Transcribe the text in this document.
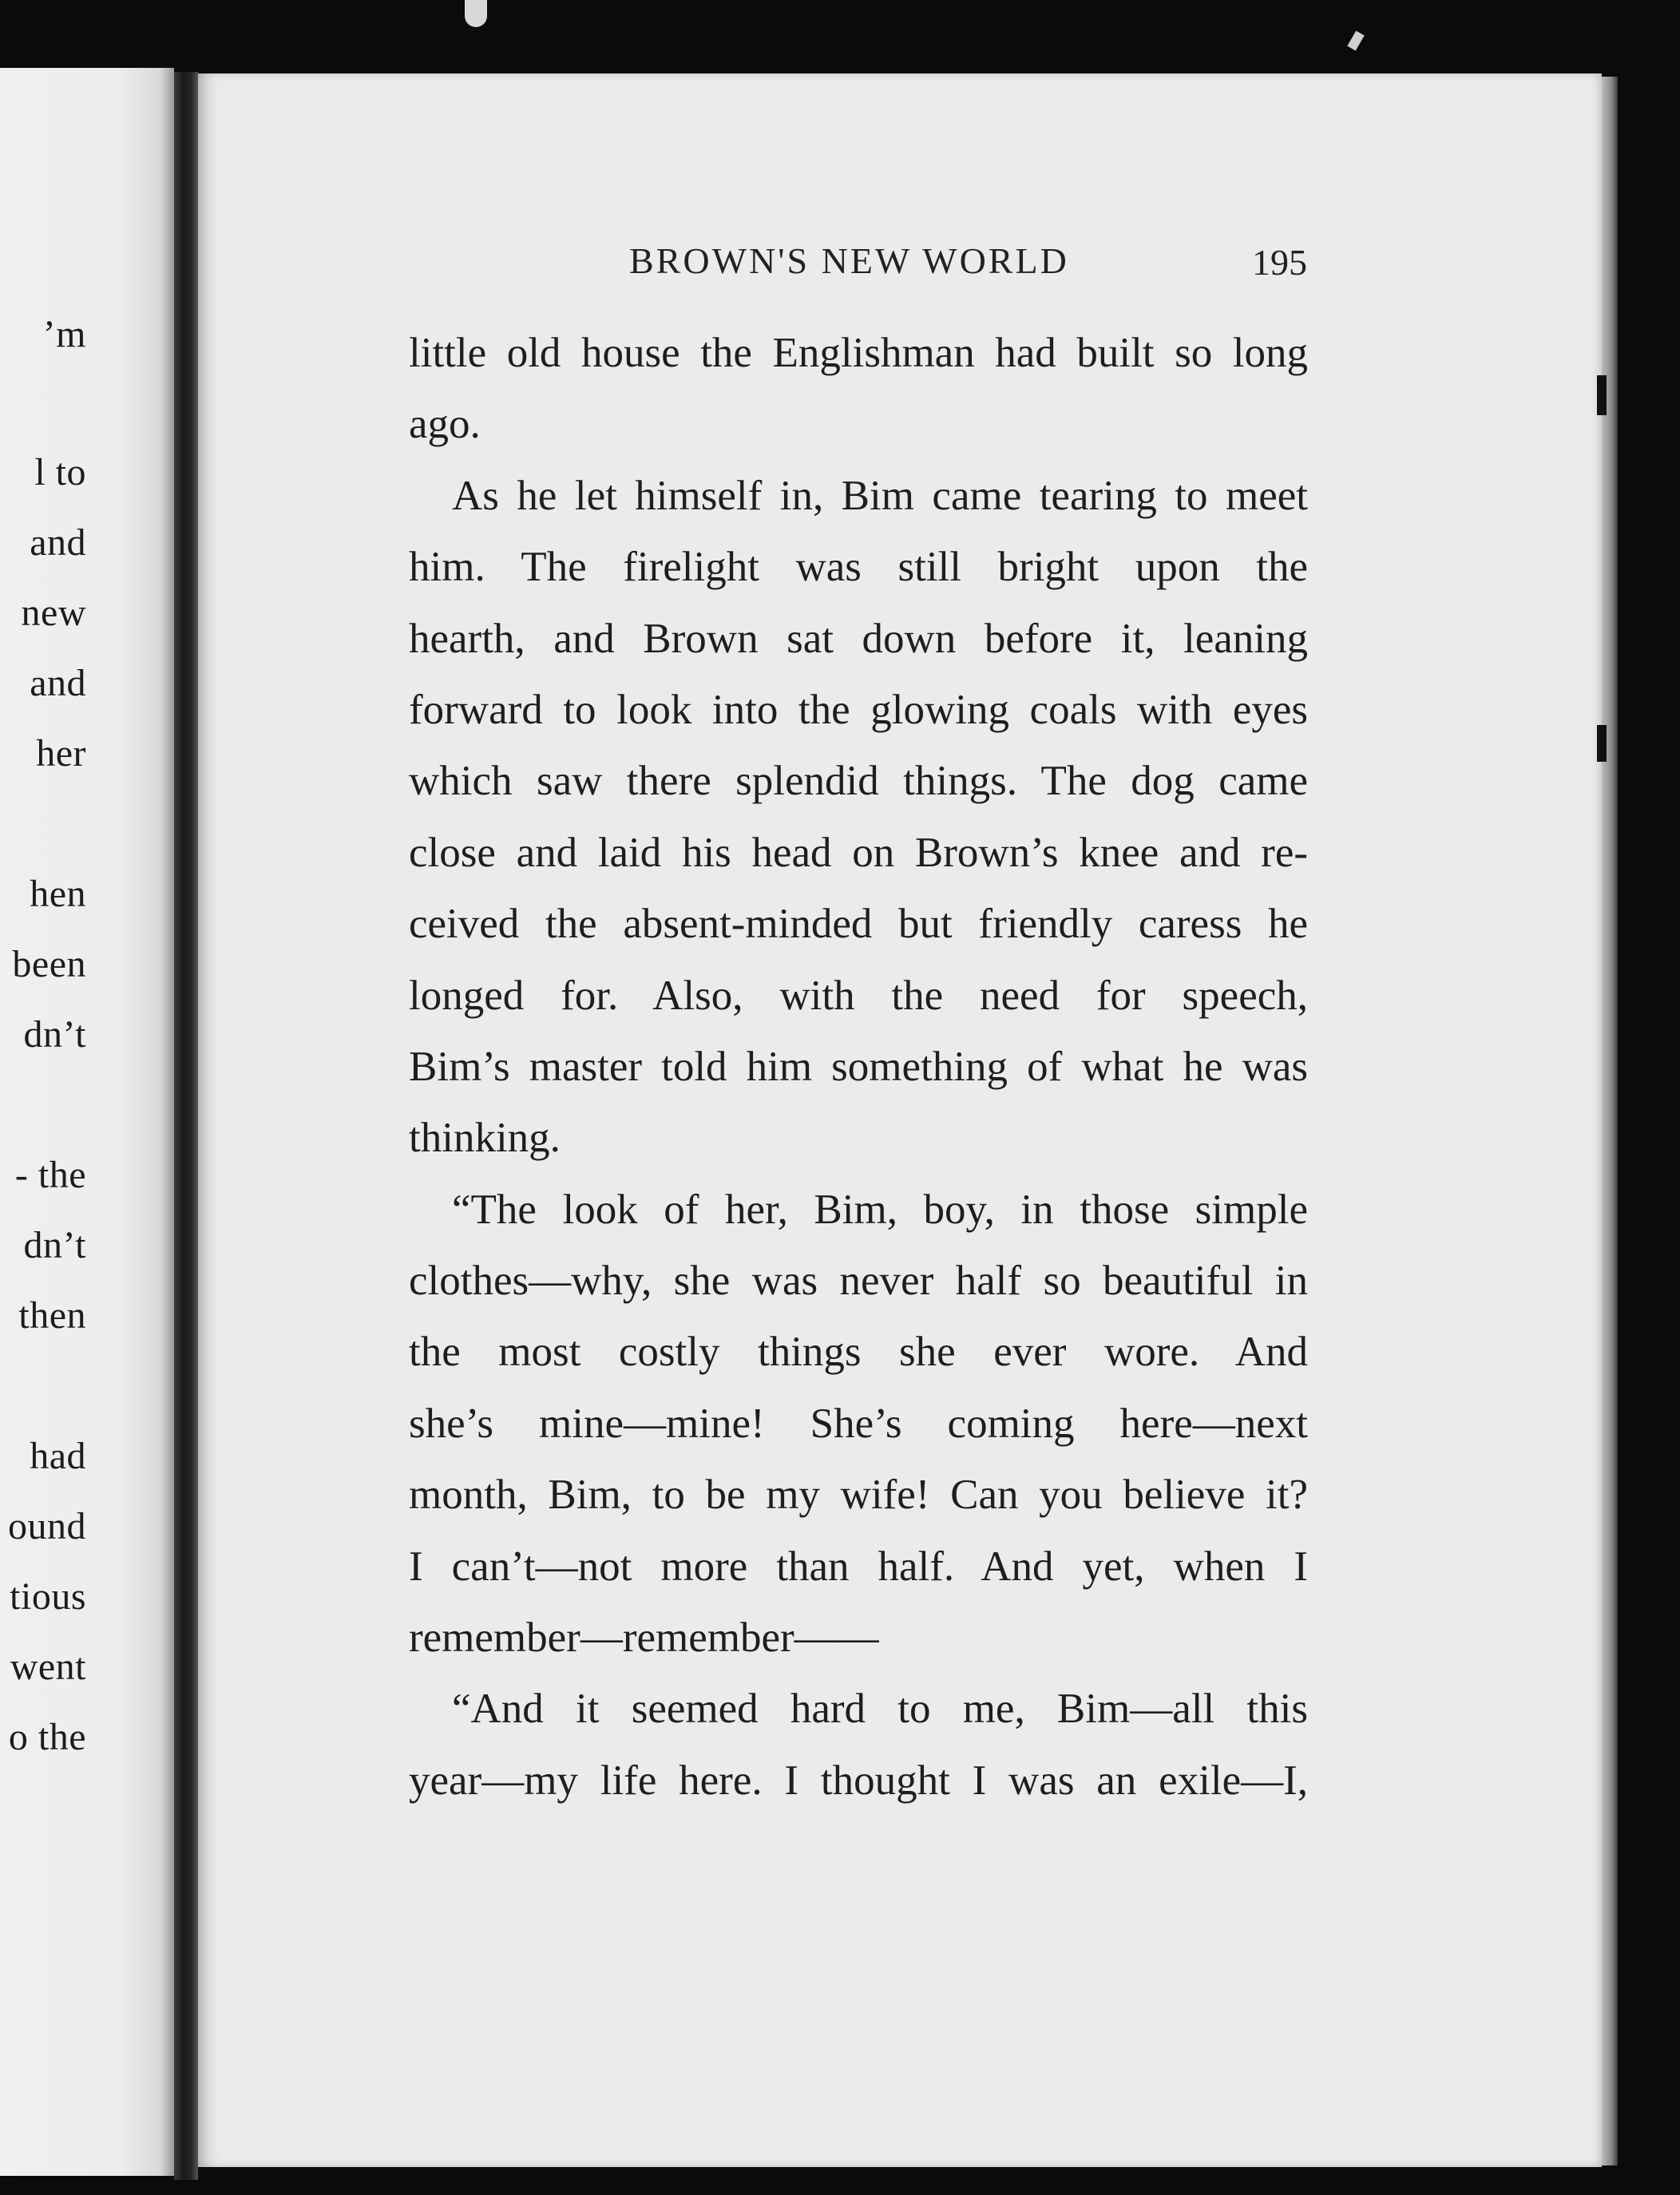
’m

l to

and

new

and

her

hen

been

dn’t

- the

dn’t

then

had

ound

tious

went

o the

BROWN'S NEW WORLD	195

little old house the Englishman had built so long
ago.
As he let himself in, Bim came tearing to meet
him. The firelight was still bright upon the
hearth, and Brown sat down before it, leaning
forward to look into the glowing coals with eyes
which saw there splendid things. The dog came
close and laid his head on Brown’s knee and re-
ceived the absent-minded but friendly caress he
longed for. Also, with the need for speech,
Bim’s master told him something of what he was
thinking.
“The look of her, Bim, boy, in those simple
clothes—why, she was never half so beautiful in
the most costly things she ever wore. And
she’s mine—mine! She’s coming here—next
month, Bim, to be my wife! Can you believe it?
I can’t—not more than half. And yet, when I
remember—remember——
“And it seemed hard to me, Bim—all this
year—my life here. I thought I was an exile—I,
